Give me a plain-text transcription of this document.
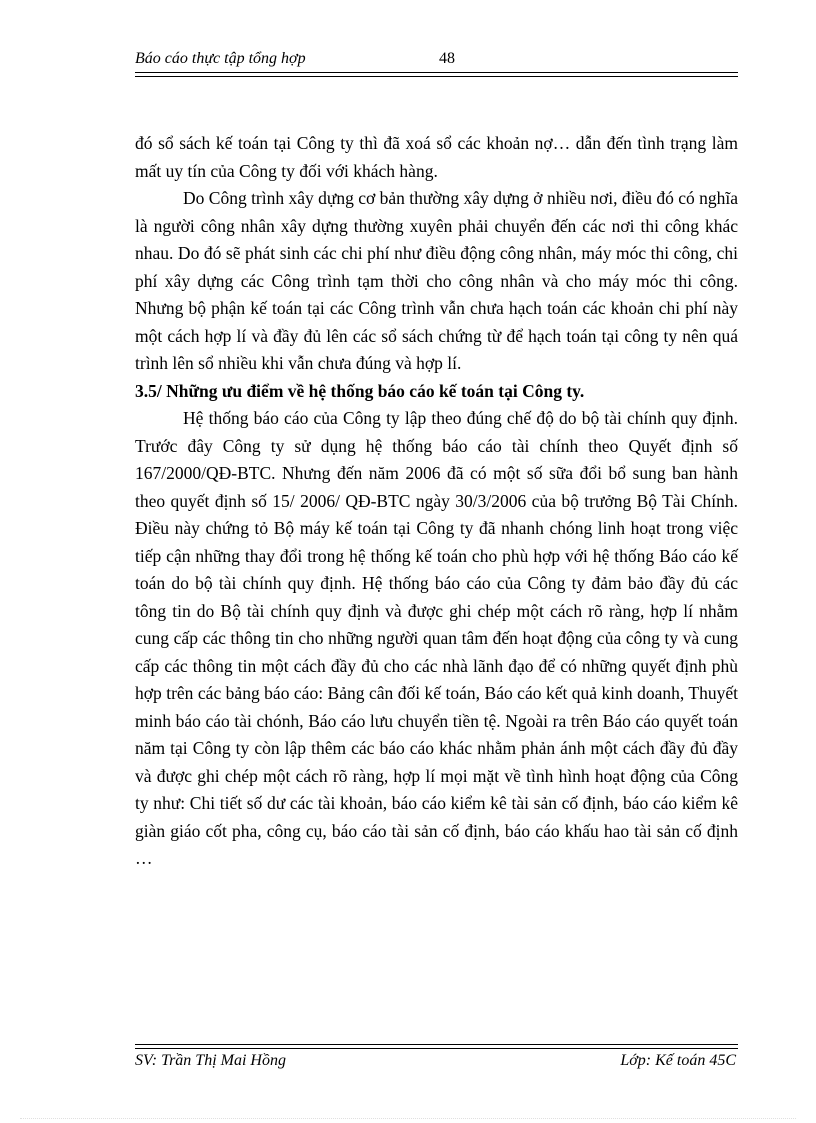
Báo cáo thực tập tổng hợp	48

đó sổ sách kế toán tại Công ty thì đã xoá sổ các khoản nợ… dẫn đến tình trạng làm mất uy tín của Công ty đối với khách hàng.

Do Công trình xây dựng cơ bản thường xây dựng ở nhiều nơi, điều đó có nghĩa là người công nhân xây dựng thường xuyên phải chuyển đến các nơi thi công khác nhau. Do đó sẽ phát sinh các chi phí như điều động công nhân, máy móc thi công, chi phí xây dựng các Công trình tạm thời cho công nhân và cho máy móc thi công. Nhưng bộ phận kế toán tại các Công trình vẫn chưa hạch toán các khoản chi phí này một cách hợp lí và đầy đủ lên các sổ sách chứng từ để hạch toán tại công ty nên quá trình lên sổ nhiều khi vẫn chưa đúng và hợp lí.

3.5/ Những ưu điểm về hệ thống báo cáo kế toán tại Công ty.

Hệ thống báo cáo của Công ty lập theo đúng chế độ do bộ tài chính quy định. Trước đây Công ty sử dụng hệ thống báo cáo tài chính theo Quyết định số 167/2000/QĐ-BTC. Nhưng đến năm 2006 đã có một số sữa đổi bổ sung ban hành theo quyết định số 15/ 2006/ QĐ-BTC ngày 30/3/2006 của bộ trưởng Bộ Tài Chính. Điều này chứng tỏ Bộ máy kế toán tại Công ty đã nhanh chóng linh hoạt trong việc tiếp cận những thay đổi trong hệ thống kế toán cho phù hợp với hệ thống Báo cáo kế toán do bộ tài chính quy định. Hệ thống báo cáo của Công ty đảm bảo đầy đủ các tông tin do Bộ tài chính quy định và được ghi chép một cách rõ ràng, hợp lí nhằm cung cấp các thông tin cho những người quan tâm đến hoạt động của công ty và cung cấp các thông tin một cách đầy đủ cho các nhà lãnh đạo để có những quyết định phù hợp trên các bảng báo cáo: Bảng cân đối kế toán, Báo cáo kết quả kinh doanh, Thuyết minh báo cáo tài chónh, Báo cáo lưu chuyển tiền tệ. Ngoài ra trên Báo cáo quyết toán năm tại Công ty còn lập thêm các báo cáo khác nhằm phản ánh một cách đầy đủ đầy và được ghi chép một cách rõ ràng, hợp lí mọi mặt về tình hình hoạt động của Công ty như: Chi tiết số dư các tài khoản, báo cáo kiểm kê tài sản cố định, báo cáo kiểm kê giàn giáo cốt pha, công cụ, báo cáo tài sản cố định, báo cáo khấu hao tài sản cố định …

SV: Trần Thị Mai Hồng	Lớp: Kế toán 45C
